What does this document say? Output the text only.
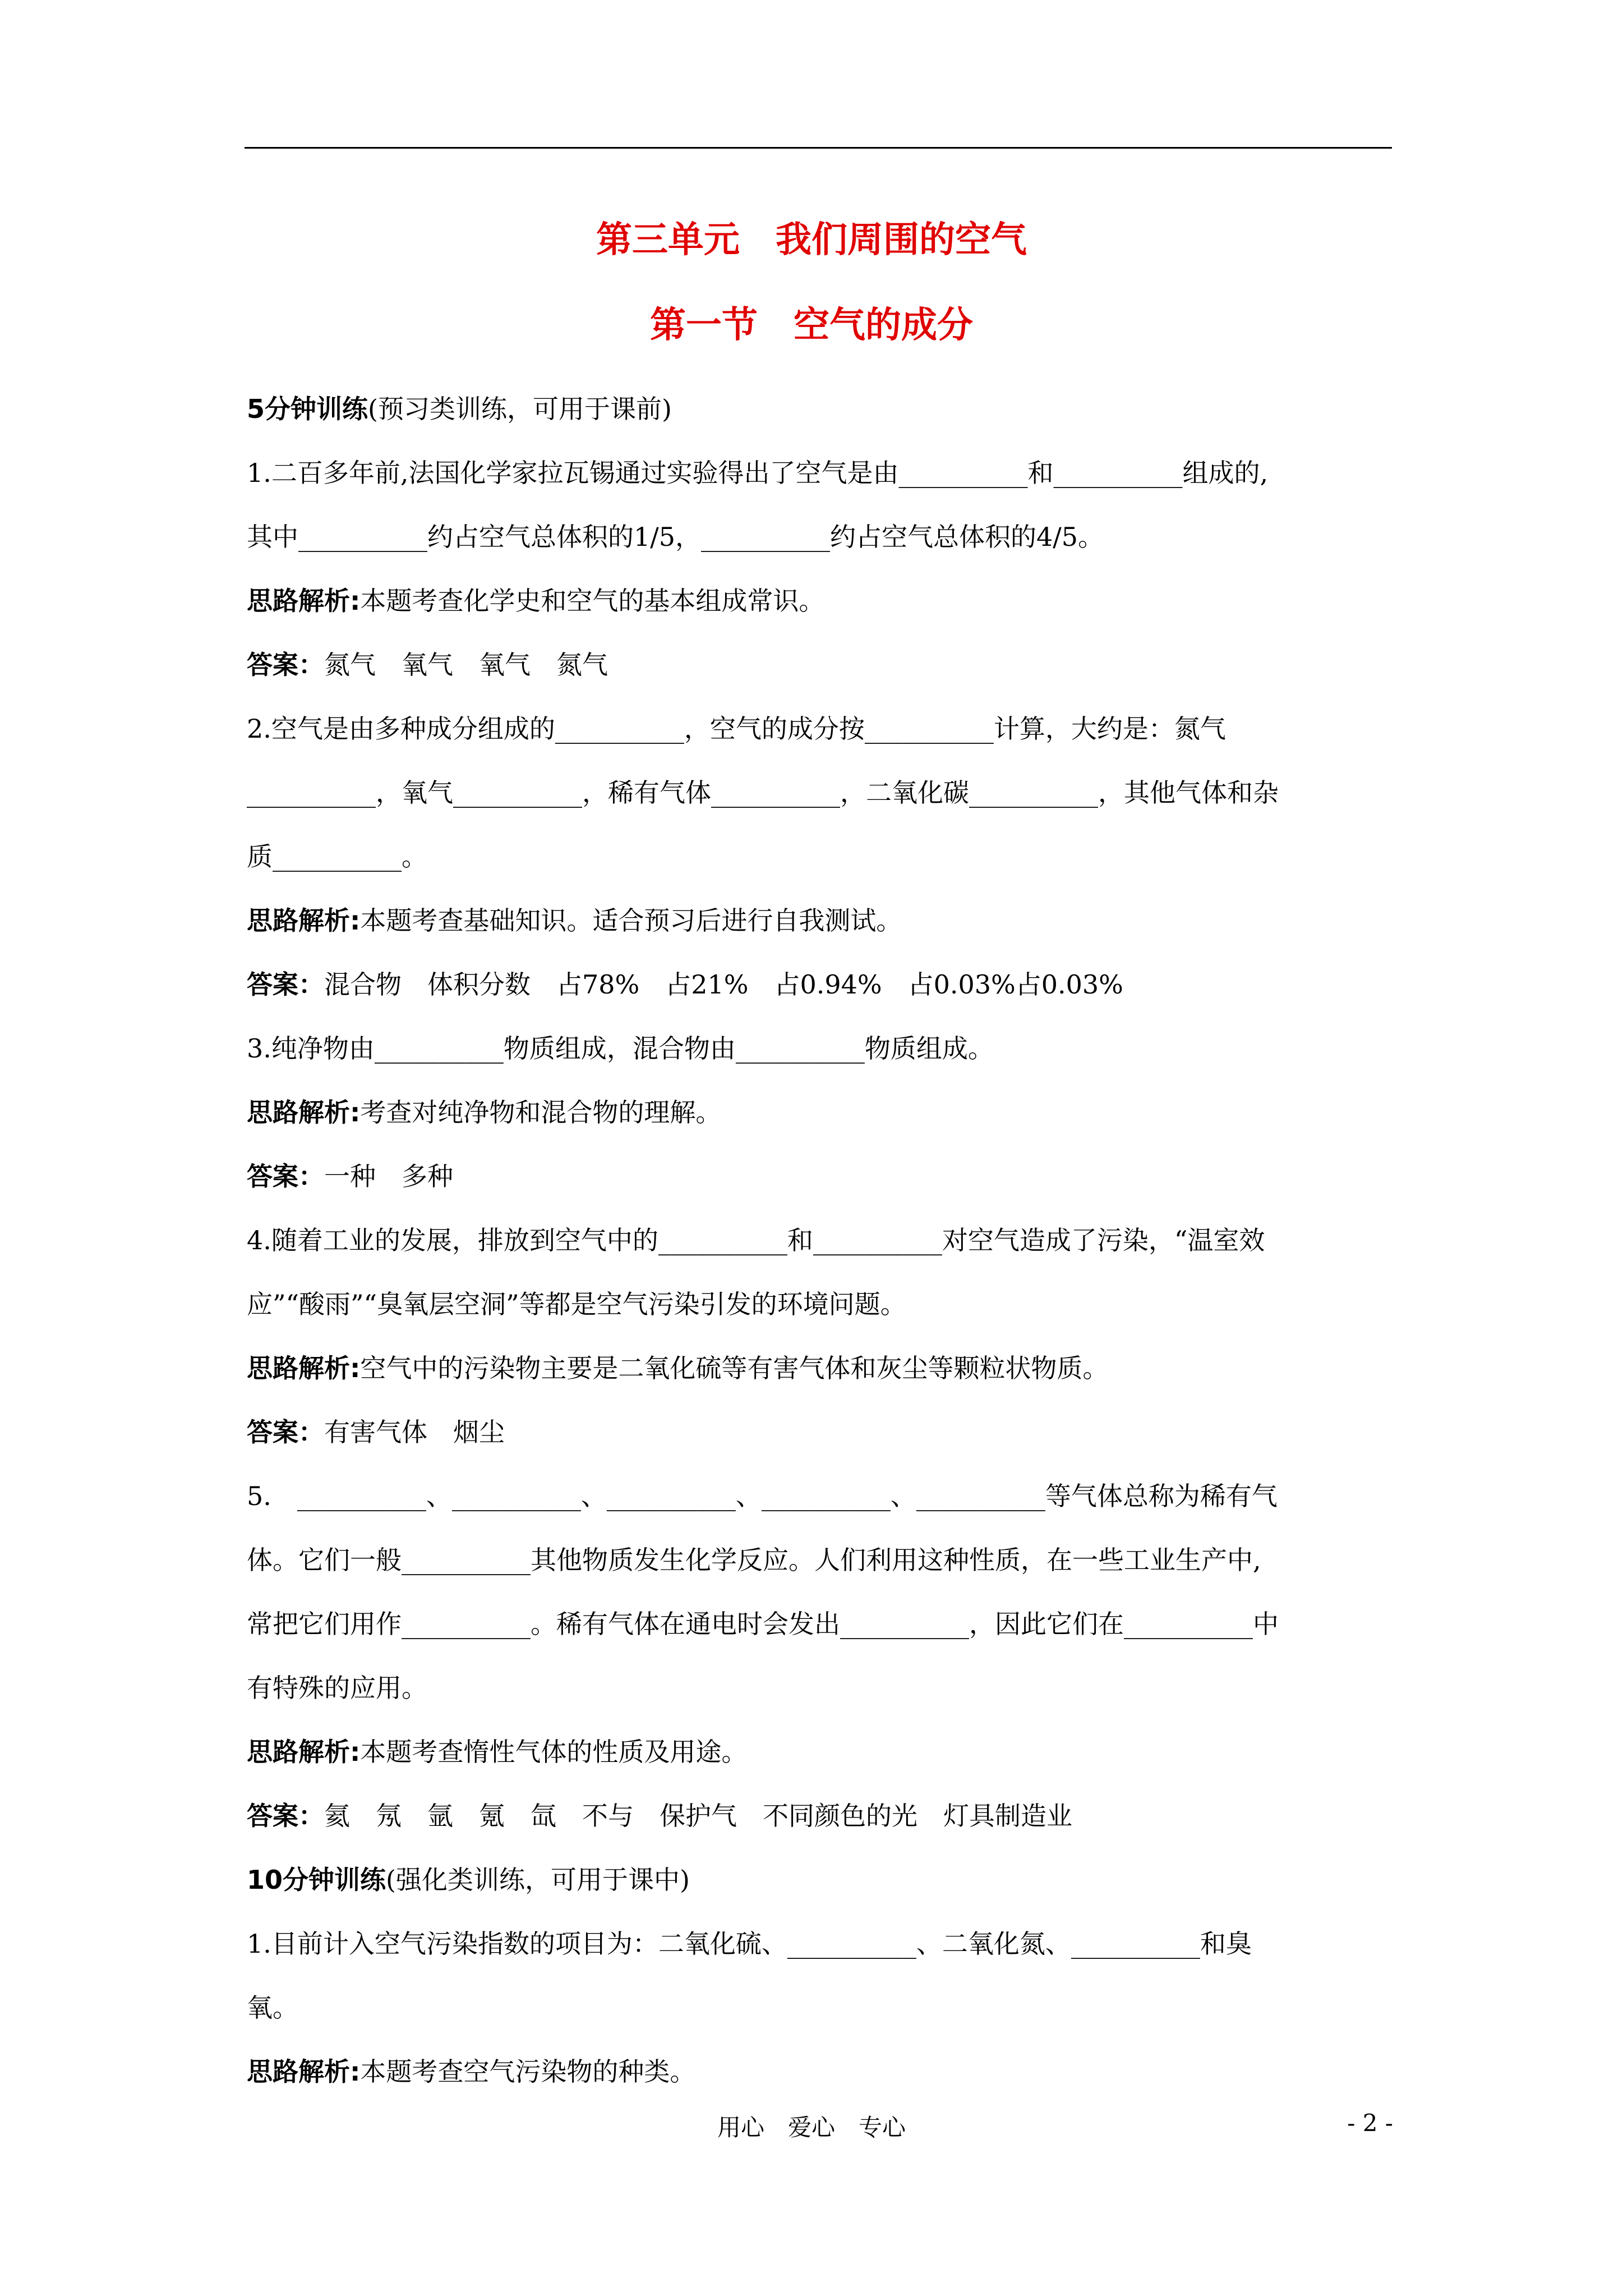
第三单元　我们周围的空气
第一节　空气的成分
5分钟训练(预习类训练，可用于课前)
1.二百多年前,法国化学家拉瓦锡通过实验得出了空气是由__________和__________组成的,
其中__________约占空气总体积的1/5，__________约占空气总体积的4/5。
思路解析:本题考查化学史和空气的基本组成常识。
答案：氮气　氧气　氧气　氮气
2.空气是由多种成分组成的__________，空气的成分按__________计算，大约是：氮气
__________，氧气__________，稀有气体__________，二氧化碳__________，其他气体和杂
质__________。
思路解析:本题考查基础知识。适合预习后进行自我测试。
答案：混合物　体积分数　占78%　占21%　占0.94%　占0.03%占0.03%
3.纯净物由__________物质组成，混合物由__________物质组成。
思路解析:考查对纯净物和混合物的理解。
答案：一种　多种
4.随着工业的发展，排放到空气中的__________和__________对空气造成了污染，“温室效
应”“酸雨”“臭氧层空洞”等都是空气污染引发的环境问题。
思路解析:空气中的污染物主要是二氧化硫等有害气体和灰尘等颗粒状物质。
答案：有害气体　烟尘
5.　__________、__________、__________、__________、__________等气体总称为稀有气
体。它们一般__________其他物质发生化学反应。人们利用这种性质，在一些工业生产中,
常把它们用作__________。稀有气体在通电时会发出__________，因此它们在__________中
有特殊的应用。
思路解析:本题考查惰性气体的性质及用途。
答案：氦　氖　氩　氪　氙　不与　保护气　不同颜色的光　灯具制造业
10分钟训练(强化类训练，可用于课中)
1.目前计入空气污染指数的项目为：二氧化硫、__________、二氧化氮、__________和臭
氧。
思路解析:本题考查空气污染物的种类。
用心　爱心　专心	- 2 -
